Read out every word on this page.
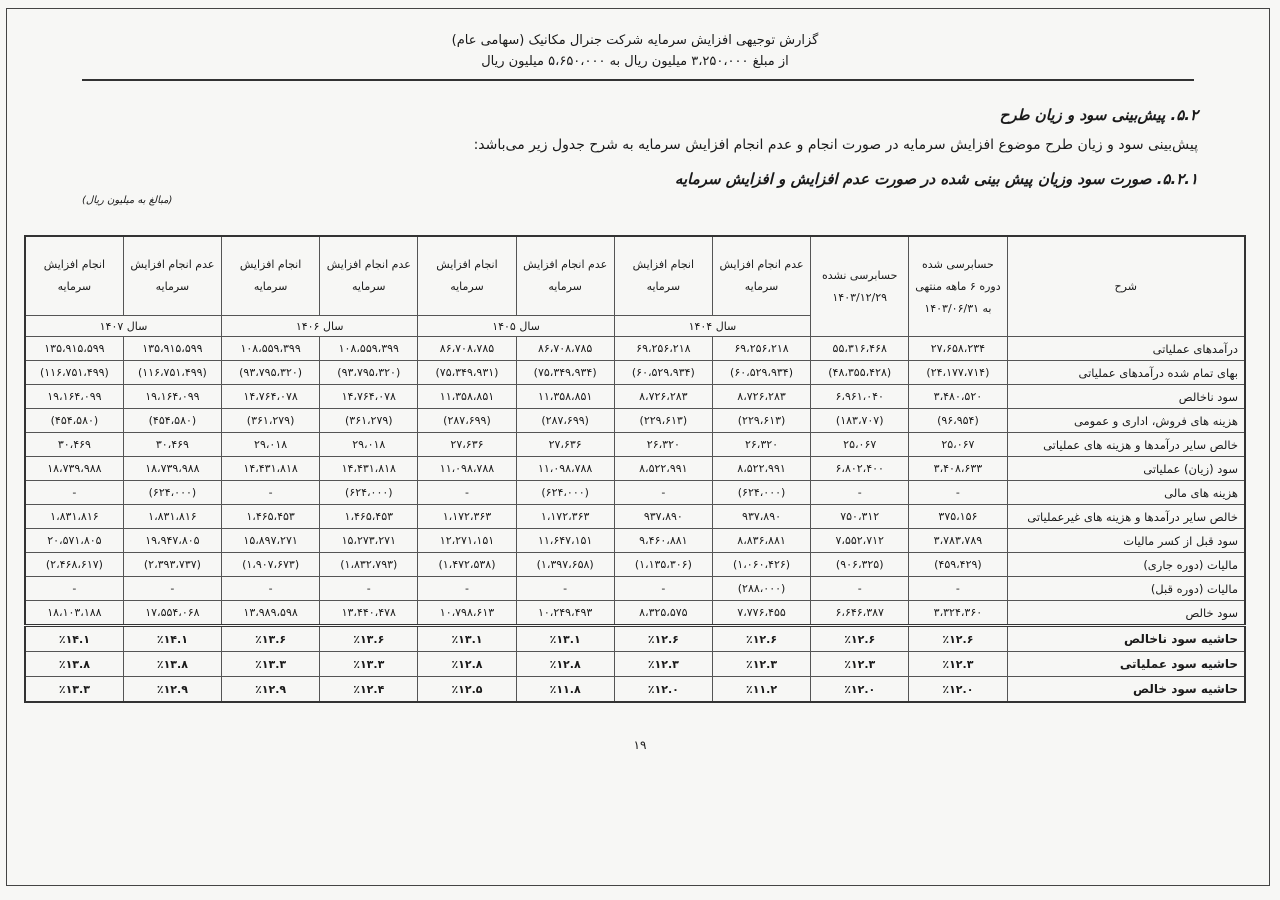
گزارش توجیهی افزایش سرمایه شرکت جنرال مکانیک (سهامی عام)
از مبلغ ۳،۲۵۰،۰۰۰ میلیون ریال به ۵،۶۵۰،۰۰۰ میلیون ریال
۵.۲. پیش‌بینی سود و زیان طرح
پیش‌بینی سود و زیان طرح موضوع افزایش سرمایه در صورت انجام و عدم انجام افزایش سرمایه به شرح جدول زیر می‌باشد:
۵.۲.۱. صورت سود وزیان پیش بینی شده در صورت عدم افزایش و افزایش سرمایه
(مبالغ به میلیون ریال)
شرح	حسابرسی شده دوره ۶ ماهه منتهی به ۱۴۰۳/۰۶/۳۱	حسابرسی نشده ۱۴۰۳/۱۲/۲۹	عدم انجام افزایش سرمایه	انجام افزایش سرمایه	عدم انجام افزایش سرمایه	انجام افزایش سرمایه	عدم انجام افزایش سرمایه	انجام افزایش سرمایه	عدم انجام افزایش سرمایه	انجام افزایش سرمایه
			سال ۱۴۰۴		سال ۱۴۰۵		سال ۱۴۰۶		سال ۱۴۰۷	
درآمدهای عملیاتی	۲۷،۶۵۸،۲۳۴	۵۵،۳۱۶،۴۶۸	۶۹،۲۵۶،۲۱۸	۶۹،۲۵۶،۲۱۸	۸۶،۷۰۸،۷۸۵	۸۶،۷۰۸،۷۸۵	۱۰۸،۵۵۹،۳۹۹	۱۰۸،۵۵۹،۳۹۹	۱۳۵،۹۱۵،۵۹۹	۱۳۵،۹۱۵،۵۹۹
بهای تمام شده درآمدهای عملیاتی	(۲۴،۱۷۷،۷۱۴)	(۴۸،۳۵۵،۴۲۸)	(۶۰،۵۲۹،۹۳۴)	(۶۰،۵۲۹،۹۳۴)	(۷۵،۳۴۹،۹۳۴)	(۷۵،۳۴۹،۹۳۱)	(۹۳،۷۹۵،۳۲۰)	(۹۳،۷۹۵،۳۲۰)	(۱۱۶،۷۵۱،۴۹۹)	(۱۱۶،۷۵۱،۴۹۹)
سود ناخالص	۳،۴۸۰،۵۲۰	۶،۹۶۱،۰۴۰	۸،۷۲۶،۲۸۳	۸،۷۲۶،۲۸۳	۱۱،۳۵۸،۸۵۱	۱۱،۳۵۸،۸۵۱	۱۴،۷۶۴،۰۷۸	۱۴،۷۶۴،۰۷۸	۱۹،۱۶۴،۰۹۹	۱۹،۱۶۴،۰۹۹
هزینه های فروش، اداری و عمومی	(۹۶،۹۵۴)	(۱۸۳،۷۰۷)	(۲۲۹،۶۱۳)	(۲۲۹،۶۱۳)	(۲۸۷،۶۹۹)	(۲۸۷،۶۹۹)	(۳۶۱،۲۷۹)	(۳۶۱،۲۷۹)	(۴۵۴،۵۸۰)	(۴۵۴،۵۸۰)
خالص سایر درآمدها و هزینه های عملیاتی	۲۵،۰۶۷	۲۵،۰۶۷	۲۶،۳۲۰	۲۶،۳۲۰	۲۷،۶۳۶	۲۷،۶۳۶	۲۹،۰۱۸	۲۹،۰۱۸	۳۰،۴۶۹	۳۰،۴۶۹
سود (زیان) عملیاتی	۳،۴۰۸،۶۳۳	۶،۸۰۲،۴۰۰	۸،۵۲۲،۹۹۱	۸،۵۲۲،۹۹۱	۱۱،۰۹۸،۷۸۸	۱۱،۰۹۸،۷۸۸	۱۴،۴۳۱،۸۱۸	۱۴،۴۳۱،۸۱۸	۱۸،۷۳۹،۹۸۸	۱۸،۷۳۹،۹۸۸
هزینه های مالی	-	-	(۶۲۴،۰۰۰)	-	(۶۲۴،۰۰۰)	-	(۶۲۴،۰۰۰)	-	(۶۲۴،۰۰۰)	-
خالص سایر درآمدها و هزینه های غیرعملیاتی	۳۷۵،۱۵۶	۷۵۰،۳۱۲	۹۳۷،۸۹۰	۹۳۷،۸۹۰	۱،۱۷۲،۳۶۳	۱،۱۷۲،۳۶۳	۱،۴۶۵،۴۵۳	۱،۴۶۵،۴۵۳	۱،۸۳۱،۸۱۶	۱،۸۳۱،۸۱۶
سود قبل از کسر مالیات	۳،۷۸۳،۷۸۹	۷،۵۵۲،۷۱۲	۸،۸۳۶،۸۸۱	۹،۴۶۰،۸۸۱	۱۱،۶۴۷،۱۵۱	۱۲،۲۷۱،۱۵۱	۱۵،۲۷۳،۲۷۱	۱۵،۸۹۷،۲۷۱	۱۹،۹۴۷،۸۰۵	۲۰،۵۷۱،۸۰۵
مالیات (دوره جاری)	(۴۵۹،۴۲۹)	(۹۰۶،۳۲۵)	(۱،۰۶۰،۴۲۶)	(۱،۱۳۵،۳۰۶)	(۱،۳۹۷،۶۵۸)	(۱،۴۷۲،۵۳۸)	(۱،۸۳۲،۷۹۳)	(۱،۹۰۷،۶۷۳)	(۲،۳۹۳،۷۳۷)	(۲،۴۶۸،۶۱۷)
مالیات (دوره قبل)	-	-	(۲۸۸،۰۰۰)	-	-	-	-	-	-	-
سود خالص	۳،۳۲۴،۳۶۰	۶،۶۴۶،۳۸۷	۷،۷۷۶،۴۵۵	۸،۳۲۵،۵۷۵	۱۰،۲۴۹،۴۹۳	۱۰،۷۹۸،۶۱۳	۱۳،۴۴۰،۴۷۸	۱۳،۹۸۹،۵۹۸	۱۷،۵۵۴،۰۶۸	۱۸،۱۰۳،۱۸۸
حاشیه سود ناخالص	٪۱۲.۶	٪۱۲.۶	٪۱۲.۶	٪۱۲.۶	٪۱۳.۱	٪۱۳.۱	٪۱۳.۶	٪۱۳.۶	٪۱۴.۱	٪۱۴.۱
حاشیه سود عملیاتی	٪۱۲.۳	٪۱۲.۳	٪۱۲.۳	٪۱۲.۳	٪۱۲.۸	٪۱۲.۸	٪۱۳.۳	٪۱۳.۳	٪۱۳.۸	٪۱۳.۸
حاشیه سود خالص	٪۱۲.۰	٪۱۲.۰	٪۱۱.۲	٪۱۲.۰	٪۱۱.۸	٪۱۲.۵	٪۱۲.۴	٪۱۲.۹	٪۱۲.۹	٪۱۳.۳
۱۹
